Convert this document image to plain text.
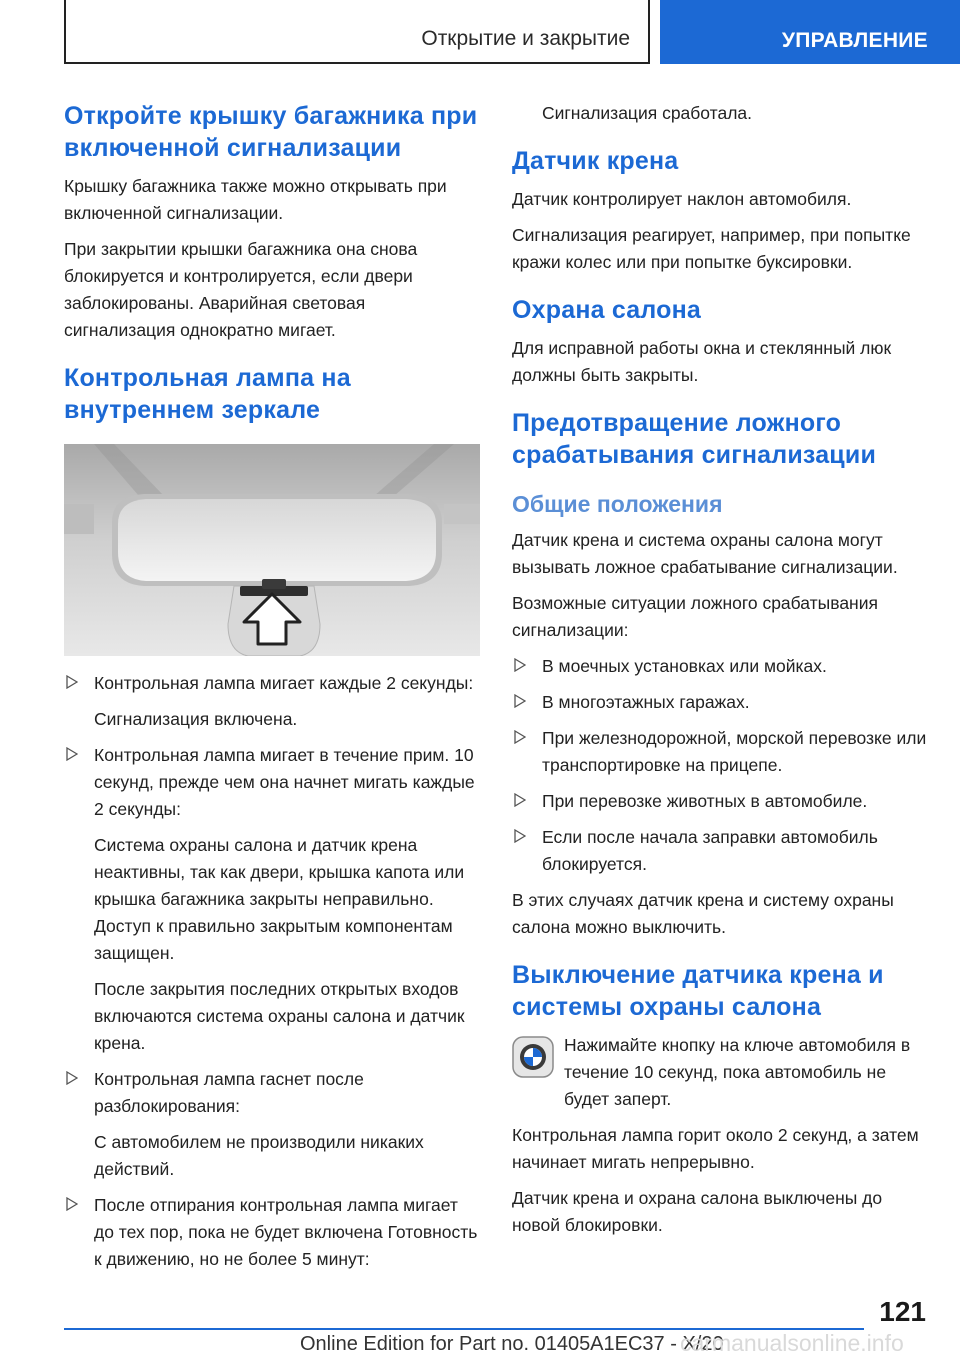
Открытие и закрытие	УПРАВЛЕНИЕ
Откройте крышку багажника при включенной сигнализации

Крышку багажника также можно открывать при включенной сигнализации.

При закрытии крышки багажника она снова блокируется и контролируется, если двери заблокированы. Аварийная световая сигнализация однократно мигает.

Контрольная лампа на внутреннем зеркале
Контрольная лампа мигает каждые 2 секунды:

Сигнализация включена.

Контрольная лампа мигает в течение прим. 10 секунд, прежде чем она начнет мигать каждые 2 секунды:

Система охраны салона и датчик крена неактивны, так как двери, крышка капота или крышка багажника закрыты неправильно. Доступ к правильно закрытым компонентам защищен.

После закрытия последних открытых входов включаются система охраны салона и датчик крена.

Контрольная лампа гаснет после разблокирования:

С автомобилем не производили никаких действий.

После отпирания контрольная лампа мигает до тех пор, пока не будет включена Готовность к движению, но не более 5 минут:

Сигнализация сработала.

Датчик крена

Датчик контролирует наклон автомобиля.

Сигнализация реагирует, например, при попытке кражи колес или при попытке буксировки.

Охрана салона

Для исправной работы окна и стеклянный люк должны быть закрыты.

Предотвращение ложного срабатывания сигнализации
Общие положения

Датчик крена и система охраны салона могут вызывать ложное срабатывание сигнализации.

Возможные ситуации ложного срабатывания сигнализации:

В моечных установках или мойках.
В многоэтажных гаражах.
При железнодорожной, морской перевозке или транспортировке на прицепе.
При перевозке животных в автомобиле.
Если после начала заправки автомобиль блокируется.

В этих случаях датчик крена и систему охраны салона можно выключить.

Выключение датчика крена и системы охраны салона

Нажимайте кнопку на ключе автомобиля в течение 10 секунд, пока автомобиль не будет заперт.

Контрольная лампа горит около 2 секунд, а затем начинает мигать непрерывно.

Датчик крена и охрана салона выключены до новой блокировки.

121
Online Edition for Part no. 01405A1EC37 - X/20
carmanualsonline.info
